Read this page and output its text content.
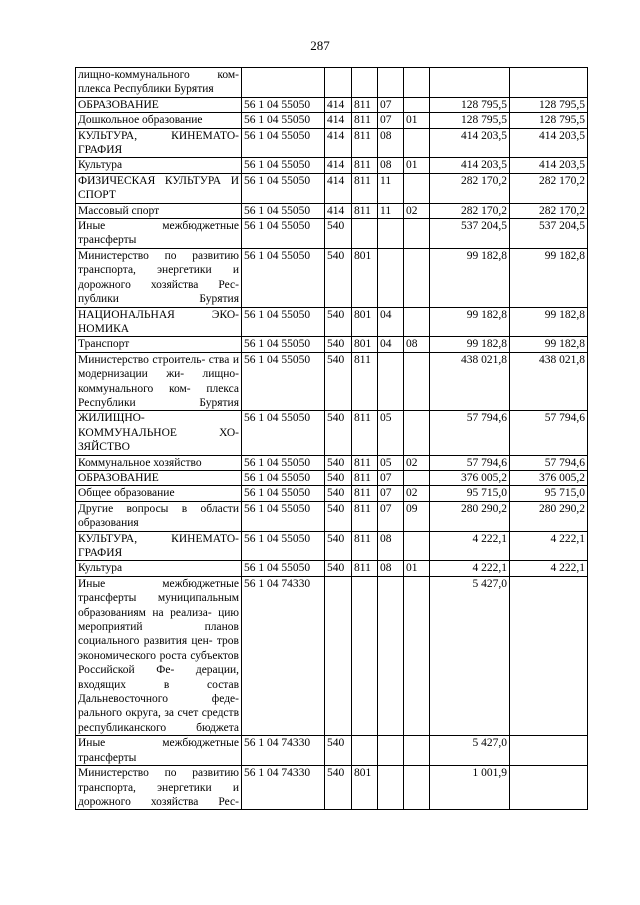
287
лищно-коммунального ком- плекса Республики Бурятия							
ОБРАЗОВАНИЕ	56 1 04 55050	414	811	07		128 795,5	128 795,5
Дошкольное образование	56 1 04 55050	414	811	07	01	128 795,5	128 795,5
КУЛЬТУРА, КИНЕМАТО- ГРАФИЯ	56 1 04 55050	414	811	08		414 203,5	414 203,5
Культура	56 1 04 55050	414	811	08	01	414 203,5	414 203,5
ФИЗИЧЕСКАЯ КУЛЬТУРА И СПОРТ	56 1 04 55050	414	811	11		282 170,2	282 170,2
Массовый спорт	56 1 04 55050	414	811	11	02	282 170,2	282 170,2
Иные межбюджетные трансферты	56 1 04 55050	540				537 204,5	537 204,5
Министерство по развитию транспорта, энергетики и дорожного хозяйства Рес- публики Бурятия	56 1 04 55050	540	801			99 182,8	99 182,8
НАЦИОНАЛЬНАЯ ЭКО- НОМИКА	56 1 04 55050	540	801	04		99 182,8	99 182,8
Транспорт	56 1 04 55050	540	801	04	08	99 182,8	99 182,8
Министерство строитель- ства и модернизации жи- лищно-коммунального ком- плекса Республики Бурятия	56 1 04 55050	540	811			438 021,8	438 021,8
ЖИЛИЩНО- КОММУНАЛЬНОЕ ХО- ЗЯЙСТВО	56 1 04 55050	540	811	05		57 794,6	57 794,6
Коммунальное хозяйство	56 1 04 55050	540	811	05	02	57 794,6	57 794,6
ОБРАЗОВАНИЕ	56 1 04 55050	540	811	07		376 005,2	376 005,2
Общее образование	56 1 04 55050	540	811	07	02	95 715,0	95 715,0
Другие вопросы в области образования	56 1 04 55050	540	811	07	09	280 290,2	280 290,2
КУЛЬТУРА, КИНЕМАТО- ГРАФИЯ	56 1 04 55050	540	811	08		4 222,1	4 222,1
Культура	56 1 04 55050	540	811	08	01	4 222,1	4 222,1
Иные межбюджетные трансферты муниципальным образованиям на реализа- цию мероприятий планов социального развития цен- тров экономического роста субъектов Российской Фе- дерации, входящих в состав Дальневосточного феде- рального округа, за счет средств республиканского бюджета	56 1 04 74330					5 427,0	
Иные межбюджетные трансферты	56 1 04 74330	540				5 427,0	
Министерство по развитию транспорта, энергетики и дорожного хозяйства Рес-	56 1 04 74330	540	801			1 001,9	
